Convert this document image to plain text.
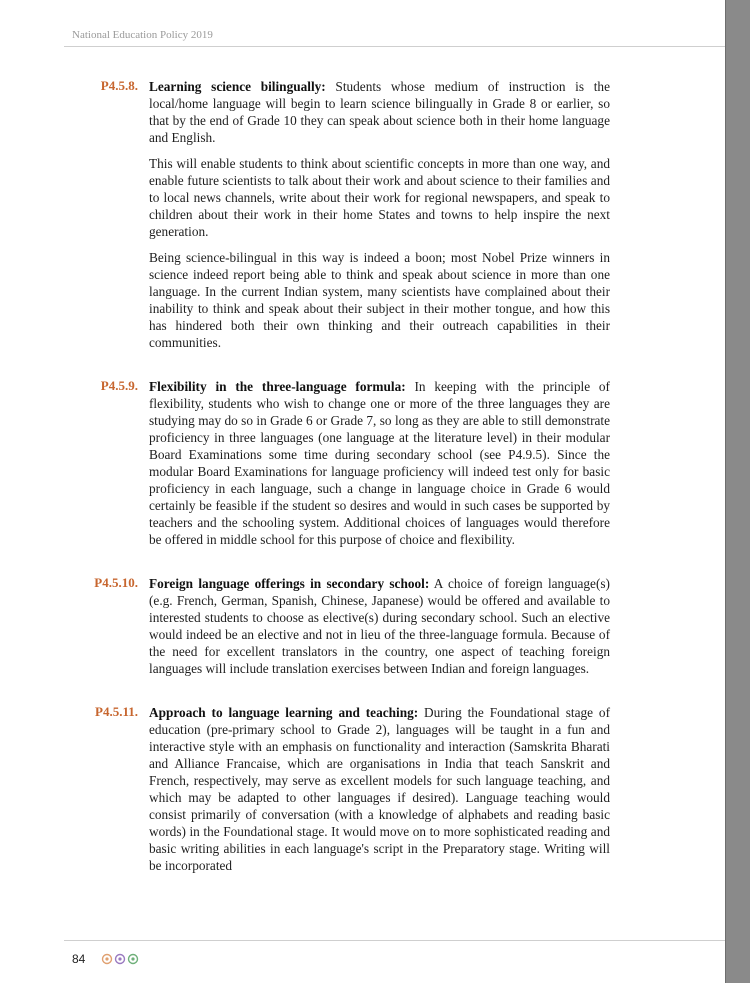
National Education Policy 2019
P4.5.8. Learning science bilingually: Students whose medium of instruction is the local/home language will begin to learn science bilingually in Grade 8 or earlier, so that by the end of Grade 10 they can speak about science both in their home language and English.

This will enable students to think about scientific concepts in more than one way, and enable future scientists to talk about their work and about science to their families and to local news channels, write about their work for regional newspapers, and speak to children about their work in their home States and towns to help inspire the next generation.

Being science-bilingual in this way is indeed a boon; most Nobel Prize winners in science indeed report being able to think and speak about science in more than one language. In the current Indian system, many scientists have complained about their inability to think and speak about their subject in their mother tongue, and how this has hindered both their own thinking and their outreach capabilities in their communities.

P4.5.9. Flexibility in the three-language formula: In keeping with the principle of flexibility, students who wish to change one or more of the three languages they are studying may do so in Grade 6 or Grade 7, so long as they are able to still demonstrate proficiency in three languages (one language at the literature level) in their modular Board Examinations some time during secondary school (see P4.9.5). Since the modular Board Examinations for language proficiency will indeed test only for basic proficiency in each language, such a change in language choice in Grade 6 would certainly be feasible if the student so desires and would in such cases be supported by teachers and the schooling system. Additional choices of languages would therefore be offered in middle school for this purpose of choice and flexibility.

P4.5.10. Foreign language offerings in secondary school: A choice of foreign language(s) (e.g. French, German, Spanish, Chinese, Japanese) would be offered and available to interested students to choose as elective(s) during secondary school. Such an elective would indeed be an elective and not in lieu of the three-language formula. Because of the need for excellent translators in the country, one aspect of teaching foreign languages will include translation exercises between Indian and foreign languages.

P4.5.11. Approach to language learning and teaching: During the Foundational stage of education (pre-primary school to Grade 2), languages will be taught in a fun and interactive style with an emphasis on functionality and interaction (Samskrita Bharati and Alliance Francaise, which are organisations in India that teach Sanskrit and French, respectively, may serve as excellent models for such language teaching, and which may be adapted to other languages if desired). Language teaching would consist primarily of conversation (with a knowledge of alphabets and reading basic words) in the Foundational stage. It would move on to more sophisticated reading and basic writing abilities in each language's script in the Preparatory stage. Writing will be incorporated

84
